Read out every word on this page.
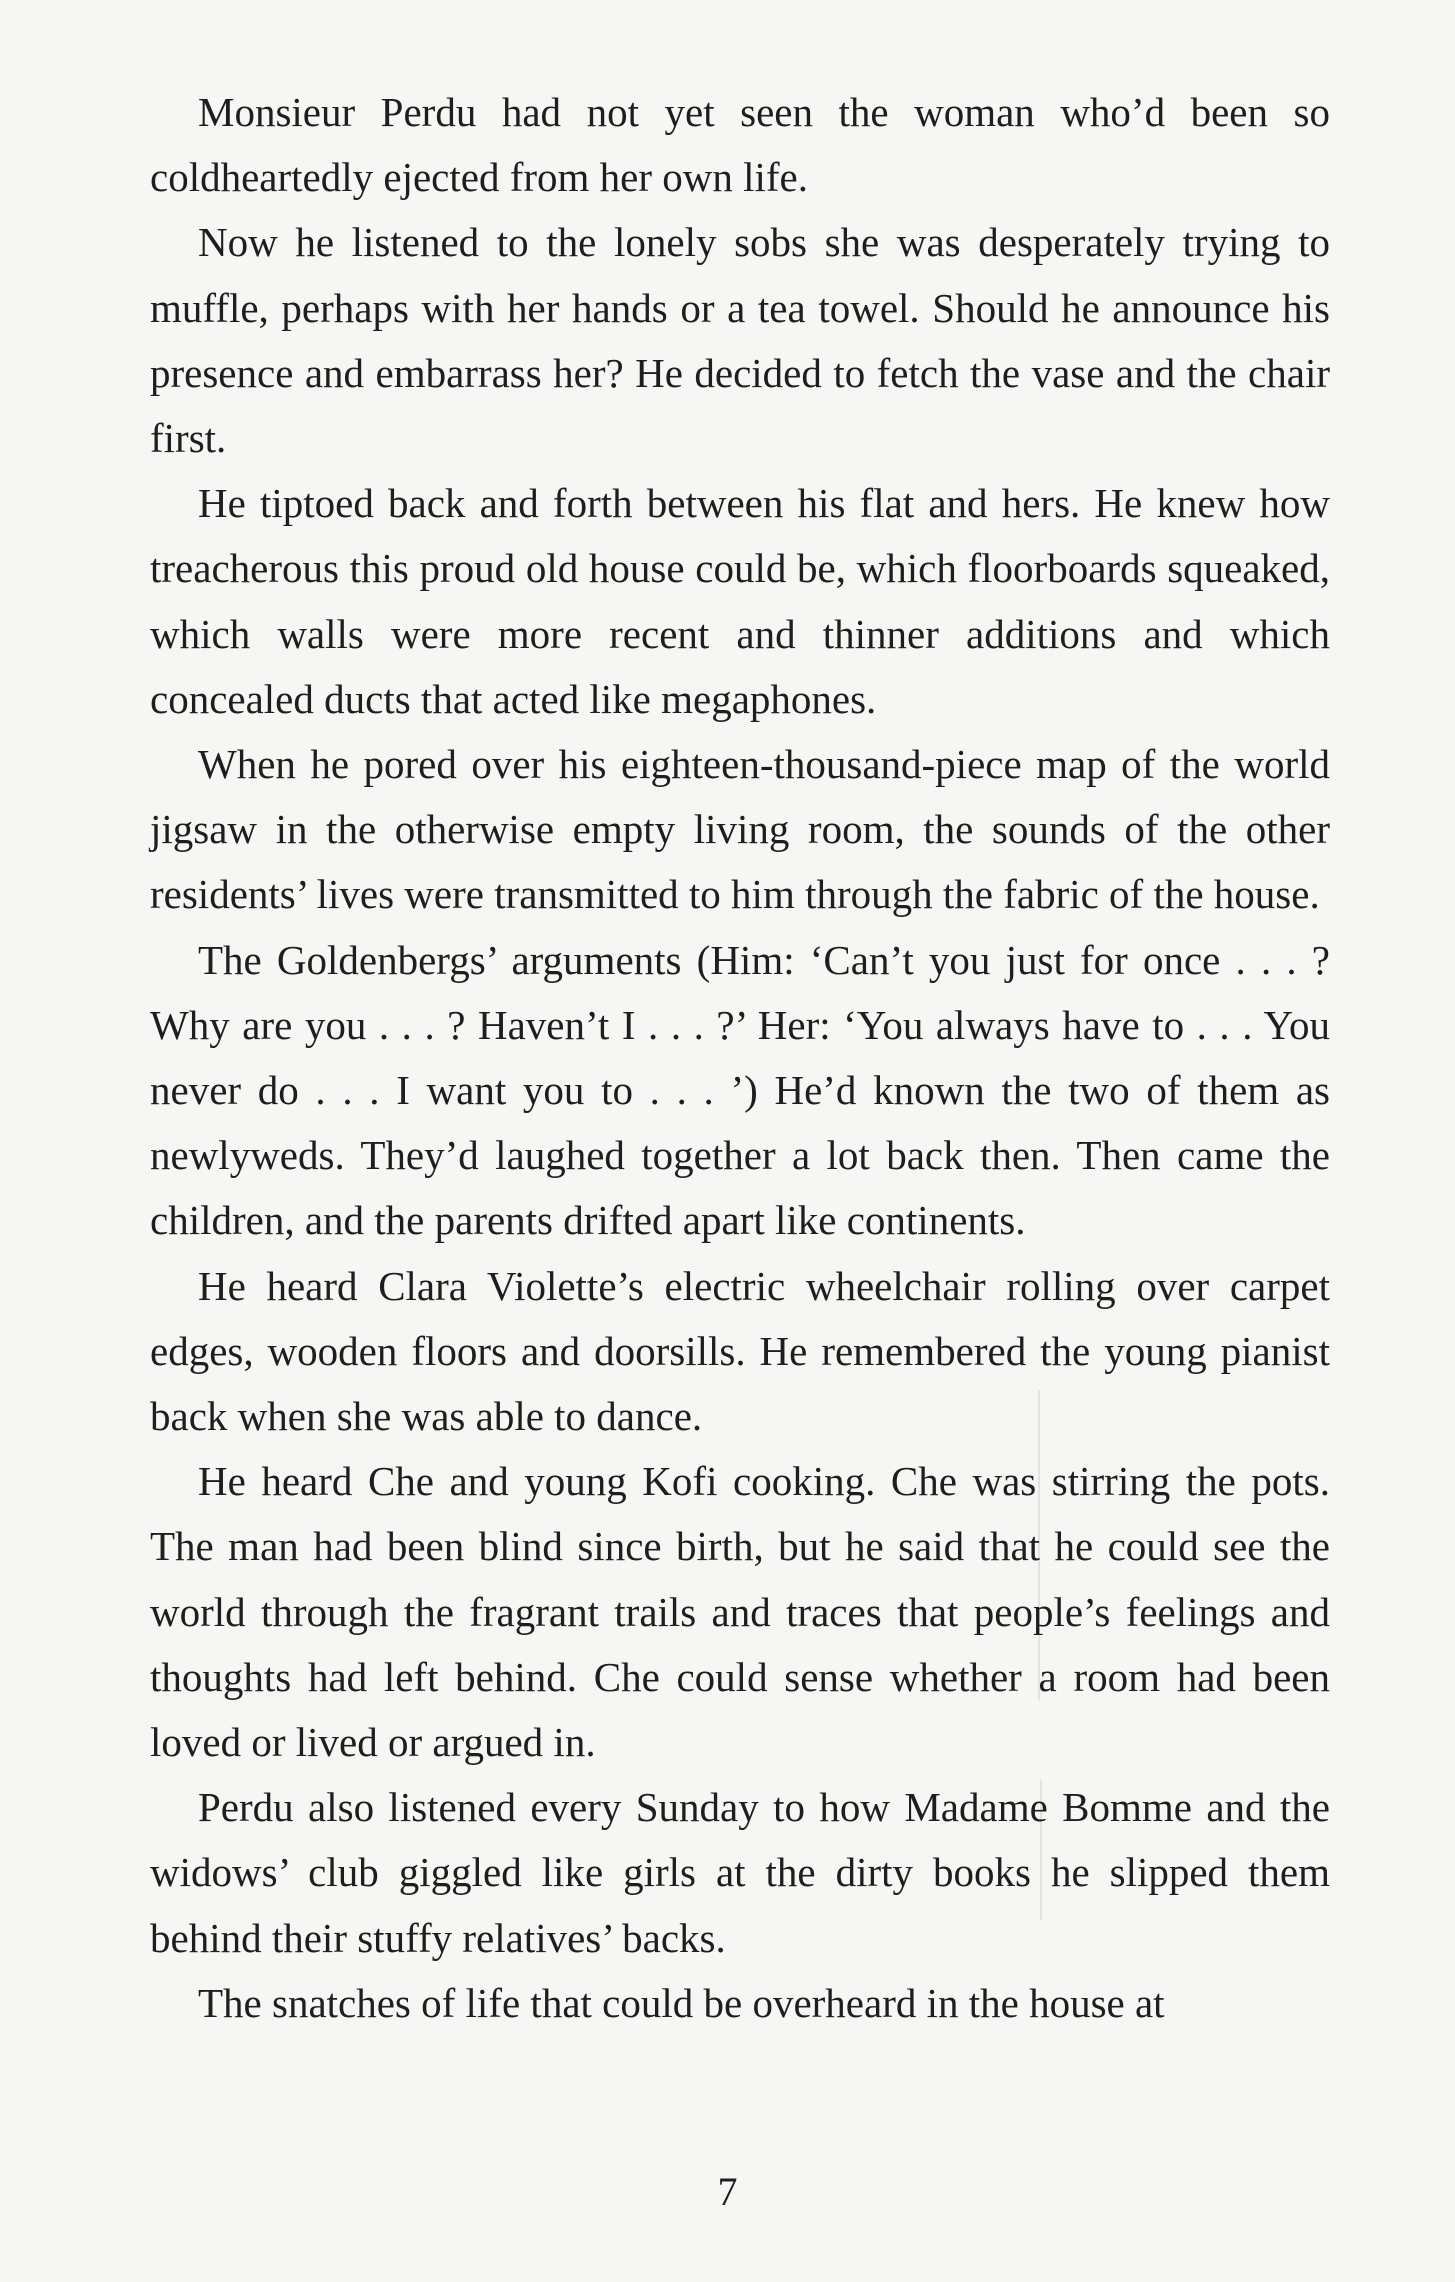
Monsieur Perdu had not yet seen the woman who’d been so coldheartedly ejected from her own life.

Now he listened to the lonely sobs she was desperately trying to muffle, perhaps with her hands or a tea towel. Should he announce his presence and embarrass her? He decided to fetch the vase and the chair first.

He tiptoed back and forth between his flat and hers. He knew how treacherous this proud old house could be, which floorboards squeaked, which walls were more recent and thinner additions and which concealed ducts that acted like megaphones.

When he pored over his eighteen-thousand-piece map of the world jigsaw in the otherwise empty living room, the sounds of the other residents’ lives were transmitted to him through the fabric of the house.

The Goldenbergs’ arguments (Him: ‘Can’t you just for once . . . ? Why are you . . . ? Haven’t I . . . ?’ Her: ‘You always have to . . . You never do . . . I want you to . . . ’) He’d known the two of them as newlyweds. They’d laughed together a lot back then. Then came the children, and the parents drifted apart like continents.

He heard Clara Violette’s electric wheelchair rolling over carpet edges, wooden floors and doorsills. He remembered the young pianist back when she was able to dance.

He heard Che and young Kofi cooking. Che was stirring the pots. The man had been blind since birth, but he said that he could see the world through the fragrant trails and traces that people’s feelings and thoughts had left behind. Che could sense whether a room had been loved or lived or argued in.

Perdu also listened every Sunday to how Madame Bomme and the widows’ club giggled like girls at the dirty books he slipped them behind their stuffy relatives’ backs.

The snatches of life that could be overheard in the house at

7
